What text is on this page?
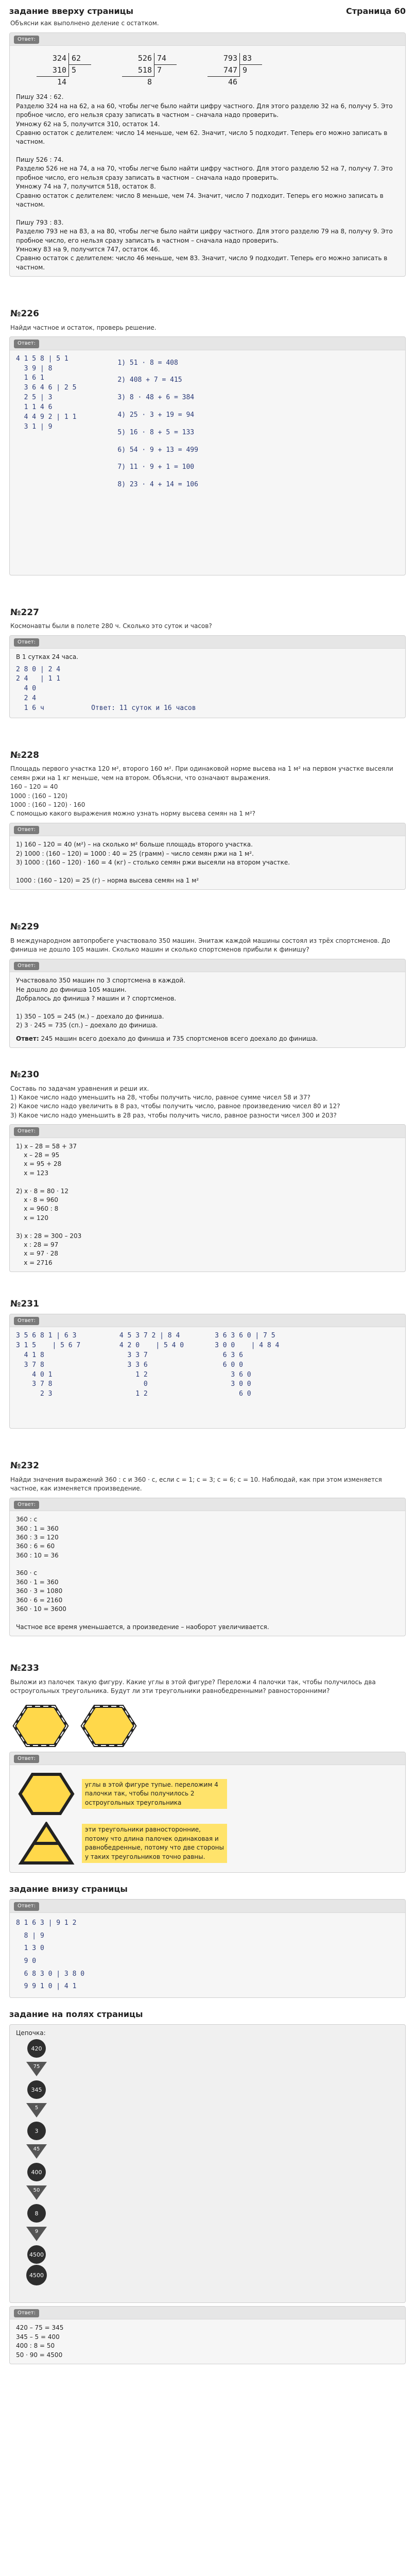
задание вверху страницы	Страница 60

Объясни как выполнено деление с остатком.

Ответ:
324 62
310 5
14
526 74
518 7
8
793 83
747 9
46
Пишу 324 : 62.
Разделю 324 на на 62, а на 60, чтобы легче было найти цифру частного. Для этого разделю 32 на 6, получу 5. Это пробное число, его нельзя сразу записать в частном – сначала надо проверить.
Умножу 62 на 5, получится 310, остаток 14.
Сравню остаток с делителем: число 14 меньше, чем 62. Значит, число 5 подходит. Теперь его можно записать в частном.

Пишу 526 : 74.
Разделю 526 не на 74, а на 70, чтобы легче было найти цифру частного. Для этого разделю 52 на 7, получу 7. Это пробное число, его нельзя сразу записать в частном – сначала надо проверить.
Умножу 74 на 7, получится 518, остаток 8.
Сравню остаток с делителем: число 8 меньше, чем 74. Значит, число 7 подходит. Теперь его можно записать в частном.

Пишу 793 : 83.
Разделю 793 не на 83, а на 80, чтобы легче было найти цифру частного. Для этого разделю 79 на 8, получу 9. Это пробное число, его нельзя сразу записать в частном – сначала надо проверить.
Умножу 83 на 9, получится 747, остаток 46.
Сравню остаток с делителем: число 46 меньше, чем 83. Значит, число 9 подходит. Теперь его можно записать в частном.
№226

Найди частное и остаток, проверь решение.

Ответ:
4 1 5 8 | 5 1
3 9 | 8
1 6 1
3 6 4 6 | 2 5
2 5 | 3
1 1 4 6
4 4 9 2 | 1 1
3 1 | 9
1) 51 · 8 = 408
2) 408 + 7 = 415
3) 8 · 48 + 6 = 384
4) 25 · 3 + 19 = 94
5) 16 · 8 + 5 = 133
6) 54 · 9 + 13 = 499
7) 11 · 9 + 1 = 100
8) 23 · 4 + 14 = 106
№227

Космонавты были в полете 280 ч. Сколько это суток и часов?

Ответ:

В 1 сутках 24 часа.

2 8 0 | 2 4
2 4   | 1 1
4 0
2 4
1 6 ч	Ответ: 11 суток и 16 часов
№228

Площадь первого участка 120 м², второго 160 м². При одинаковой норме высева на 1 м² на первом участке высеяли семян ржи на 1 кг меньше, чем на втором. Объясни, что означают выражения.

160 – 120 = 40
1000 : (160 – 120)
1000 : (160 – 120) · 160

С помощью какого выражения можно узнать норму высева семян на 1 м²?

Ответ:
1) 160 – 120 = 40 (м²) – на сколько м² больше площадь второго участка.
2) 1000 : (160 – 120) = 1000 : 40 = 25 (грамм) – число семян ржи на 1 м².
3) 1000 : (160 – 120) · 160 = 4 (кг) – столько семян ржи высеяли на втором участке.

1000 : (160 – 120) = 25 (г) – норма высева семян на 1 м²
№229

В международном автопробеге участвовало 350 машин. Энитаж каждой машины состоял из трёх спортсменов. До финиша не дошло 105 машин. Сколько машин и сколько спортсменов прибыли к финишу?

Ответ:
Участвовало 350 машин по 3 спортсмена в каждой.
Не дошло до финиша 105 машин.
Добралось до финиша ? машин и ? спортсменов.

1) 350 – 105 = 245 (м.) – доехало до финиша.
2) 3 · 245 = 735 (сп.) – доехало до финиша.

Ответ: 245 машин всего доехало до финиша и 735 спортсменов всего доехало до финиша.

№230
Составь по задачам уравнения и реши их.
1) Какое число надо уменьшить на 28, чтобы получить число, равное сумме чисел 58 и 37?
2) Какое число надо увеличить в 8 раз, чтобы получить число, равное произведению чисел 80 и 12?
3) Какое число надо уменьшить в 28 раз, чтобы получить число, равное разности чисел 300 и 203?
Ответ:
1) x – 28 = 58 + 37
x – 28 = 95
x = 95 + 28
x = 123

2) x · 8 = 80 · 12
x · 8 = 960
x = 960 : 8
x = 120

3) x : 28 = 300 – 203
x : 28 = 97
x = 97 · 28
x = 2716
№231
Ответ:
3 5 6 8 1 | 6 3
3 1 5    | 5 6 7
4 1 8
3 7 8
4 0 1
3 7 8
2 3
4 5 3 7 2 | 8 4
4 2 0    | 5 4 0
3 3 7
3 3 6
1 2
0
1 2
3 6 3 6 0 | 7 5
3 0 0    | 4 8 4
6 3 6
6 0 0
3 6 0
3 0 0
6 0
№232

Найди значения выражений 360 : с и 360 · с, если с = 1; с = 3; с = 6; с = 10. Наблюдай, как при этом изменяется частное, как изменяется произведение.

Ответ:
360 : с
360 : 1 = 360
360 : 3 = 120
360 : 6 = 60
360 : 10 = 36

360 · с
360 · 1 = 360
360 · 3 = 1080
360 · 6 = 2160
360 · 10 = 3600

Частное все время уменьшается, а произведение – наоборот увеличивается.
№233

Выложи из палочек такую фигуру. Какие углы в этой фигуре? Переложи 4 палочки так, чтобы получилось два остроугольных треугольника. Будут ли эти треугольники равнобедренными? равносторонними?

Ответ:
углы в этой фигуре тупые. переложим 4 палочки так, чтобы получилось 2 остроугольных треугольника
эти треугольники равносторонние, потому что длина палочек одинаковая и равнобедренные, потому что две стороны у таких треугольников точно равны.
задание внизу страницы
Ответ:
8 1 6 3 | 9 1 2
8 | 9
1 3 0
9 0
6 8 3 0 | 3 8 0
9 9 1 0 | 4 1
задание на полях страницы

Цепочка:

420
75
345
5
3
45
400
50
8
9
4500
4500
Ответ:
420 – 75 = 345
345 – 5 = 400
400 : 8 = 50
50 · 90 = 4500
